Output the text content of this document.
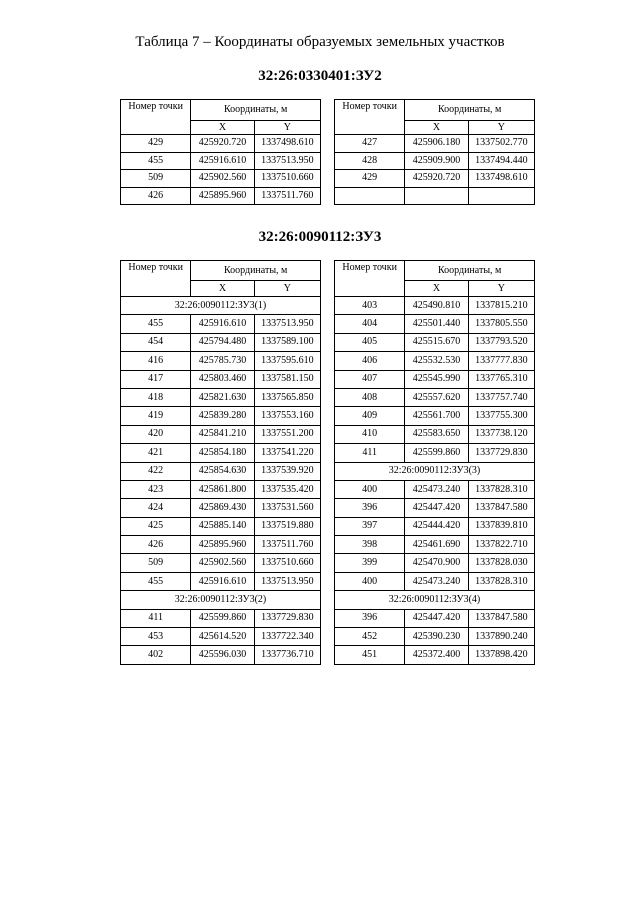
Таблица 7 – Координаты образуемых земельных участков
32:26:0330401:ЗУ2
32:26:0090112:ЗУ3
Номер точки	Координаты, м	
	X	Y
429	425920.720	1337498.610
455	425916.610	1337513.950
509	425902.560	1337510.660
426	425895.960	1337511.760
Номер точки	Координаты, м	
	X	Y
427	425906.180	1337502.770
428	425909.900	1337494.440
429	425920.720	1337498.610

Номер точки	Координаты, м	
	X	Y
32:26:0090112:ЗУ3(1)		
455	425916.610	1337513.950
454	425794.480	1337589.100
416	425785.730	1337595.610
417	425803.460	1337581.150
418	425821.630	1337565.850
419	425839.280	1337553.160
420	425841.210	1337551.200
421	425854.180	1337541.220
422	425854.630	1337539.920
423	425861.800	1337535.420
424	425869.430	1337531.560
425	425885.140	1337519.880
426	425895.960	1337511.760
509	425902.560	1337510.660
455	425916.610	1337513.950
32:26:0090112:ЗУ3(2)		
411	425599.860	1337729.830
453	425614.520	1337722.340
402	425596.030	1337736.710
Номер точки	Координаты, м	
	X	Y
403	425490.810	1337815.210
404	425501.440	1337805.550
405	425515.670	1337793.520
406	425532.530	1337777.830
407	425545.990	1337765.310
408	425557.620	1337757.740
409	425561.700	1337755.300
410	425583.650	1337738.120
411	425599.860	1337729.830
32:26:0090112:ЗУ3(3)		
400	425473.240	1337828.310
396	425447.420	1337847.580
397	425444.420	1337839.810
398	425461.690	1337822.710
399	425470.900	1337828.030
400	425473.240	1337828.310
32:26:0090112:ЗУ3(4)		
396	425447.420	1337847.580
452	425390.230	1337890.240
451	425372.400	1337898.420
